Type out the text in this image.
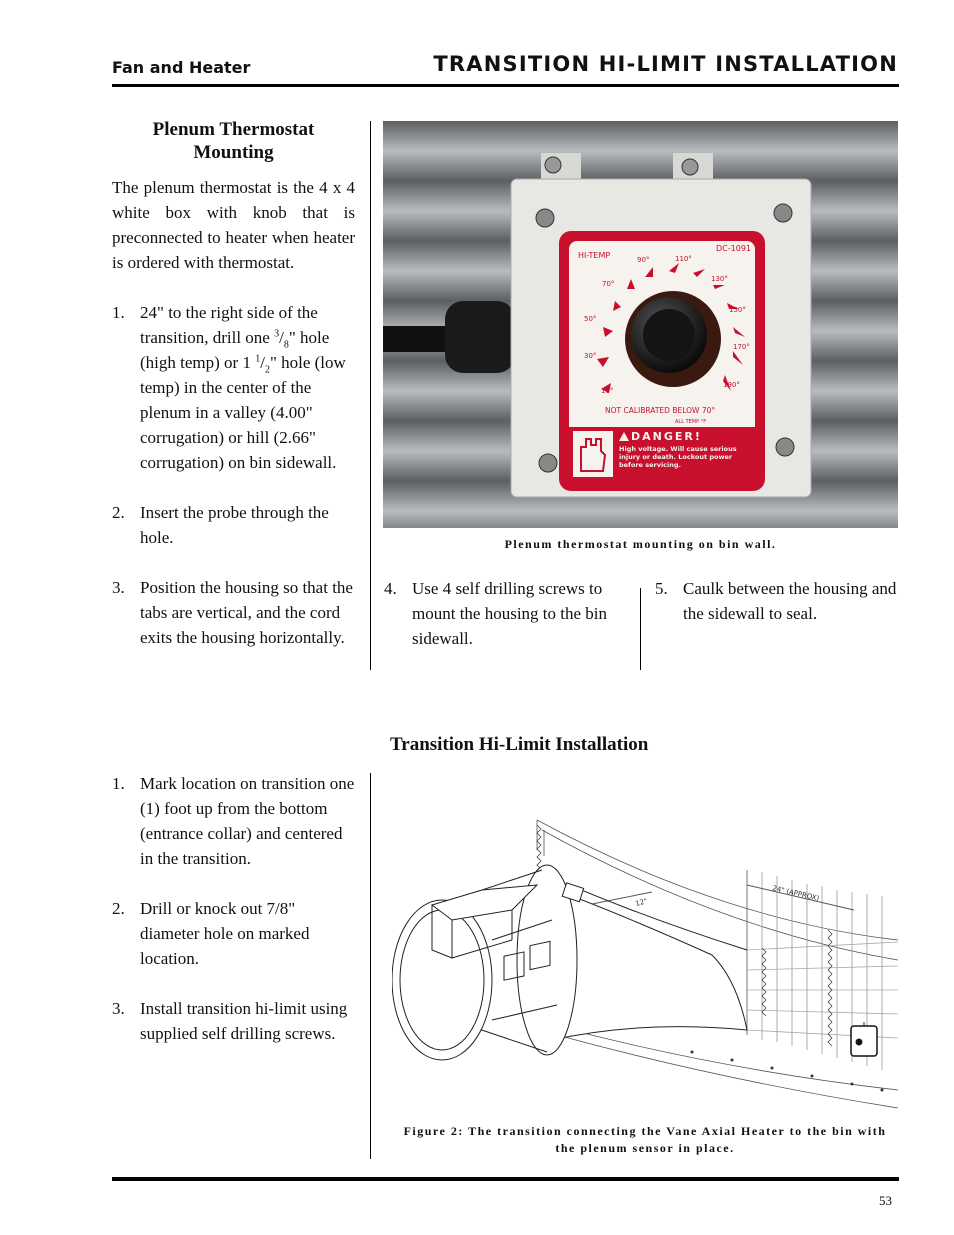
Fan and Heater	TRANSITION HI-LIMIT INSTALLATION
Plenum Thermostat Mounting
The plenum thermostat is the 4 x 4 white box with knob that is preconnected to heater when heater is ordered with thermostat.
1. 24" to the right side of the transition, drill one $^3/_8$" hole (high temp) or 1 $^1/_2$" hole (low temp) in the center of the plenum in a valley (4.00" corrugation) or hill (2.66" corrugation) on bin sidewall.
2. Insert the probe through the hole.
3. Position the housing so that the tabs are vertical, and the cord exits the housing horizontally.
HI-TEMP
DC-1091
10°
30°
50°
70°
90°	110°
130°
150°
170°
190°
NOT CALIBRATED BELOW 70°
ALL TEMP °F
DANGER!
High voltage. Will cause serious injury or death. Lockout power before servicing.
Plenum thermostat mounting on bin wall.
4. Use 4 self drilling screws to mount the housing to the bin sidewall.
5. Caulk between the housing and the sidewall to seal.
Transition Hi-Limit Installation
1. Mark location on transition one (1) foot up from the bottom (entrance collar) and centered in the transition.
2. Drill or knock out 7/8" diameter hole on marked location.
3. Install transition hi-limit using supplied self drilling screws.
24" (APPROX)
12"
Figure 2: The transition connecting the Vane Axial Heater to the bin with the plenum sensor in place.
53
